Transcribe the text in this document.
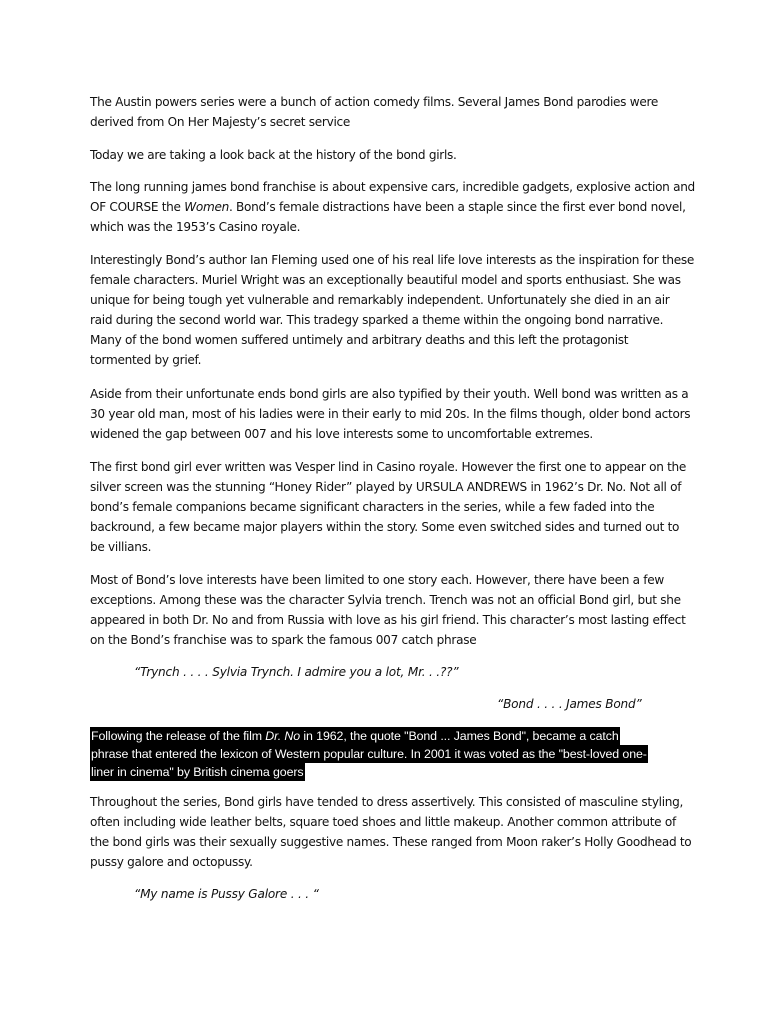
The Austin powers series were a bunch of action comedy films. Several James Bond parodies were
derived from On Her Majesty’s secret service

Today we are taking a look back at the history of the bond girls.

The long running james bond franchise is about expensive cars, incredible gadgets, explosive action and
OF COURSE the Women. Bond’s female distractions have been a staple since the first ever bond novel,
which was the 1953’s Casino royale.

Interestingly Bond’s author Ian Fleming used one of his real life love interests as the inspiration for these
female characters. Muriel Wright was an exceptionally beautiful model and sports enthusiast. She was
unique for being tough yet vulnerable and remarkably independent. Unfortunately she died in an air
raid during the second world war. This tradegy sparked a theme within the ongoing bond narrative.
Many of the bond women suffered untimely and arbitrary deaths and this left the protagonist
tormented by grief.

Aside from their unfortunate ends bond girls are also typified by their youth. Well bond was written as a
30 year old man, most of his ladies were in their early to mid 20s. In the films though, older bond actors
widened the gap between 007 and his love interests some to uncomfortable extremes.

The first bond girl ever written was Vesper lind in Casino royale. However the first one to appear on the
silver screen was the stunning “Honey Rider” played by URSULA ANDREWS in 1962’s Dr. No. Not all of
bond’s female companions became significant characters in the series, while a few faded into the
backround, a few became major players within the story. Some even switched sides and turned out to
be villians.

Most of Bond’s love interests have been limited to one story each. However, there have been a few
exceptions. Among these was the character Sylvia trench. Trench was not an official Bond girl, but she
appeared in both Dr. No and from Russia with love as his girl friend. This character’s most lasting effect
on the Bond’s franchise was to spark the famous 007 catch phrase

“Trynch . . . . Sylvia Trynch. I admire you a lot, Mr. . .??”

“Bond . . . . James Bond”

Following the release of the film Dr. No in 1962, the quote "Bond ... James Bond", became a catch
phrase that entered the lexicon of Western popular culture. In 2001 it was voted as the "best-loved one-
liner in cinema" by British cinema goers

Throughout the series, Bond girls have tended to dress assertively. This consisted of masculine styling,
often including wide leather belts, square toed shoes and little makeup. Another common attribute of
the bond girls was their sexually suggestive names. These ranged from Moon raker’s Holly Goodhead to
pussy galore and octopussy.

“My name is Pussy Galore . . . “
